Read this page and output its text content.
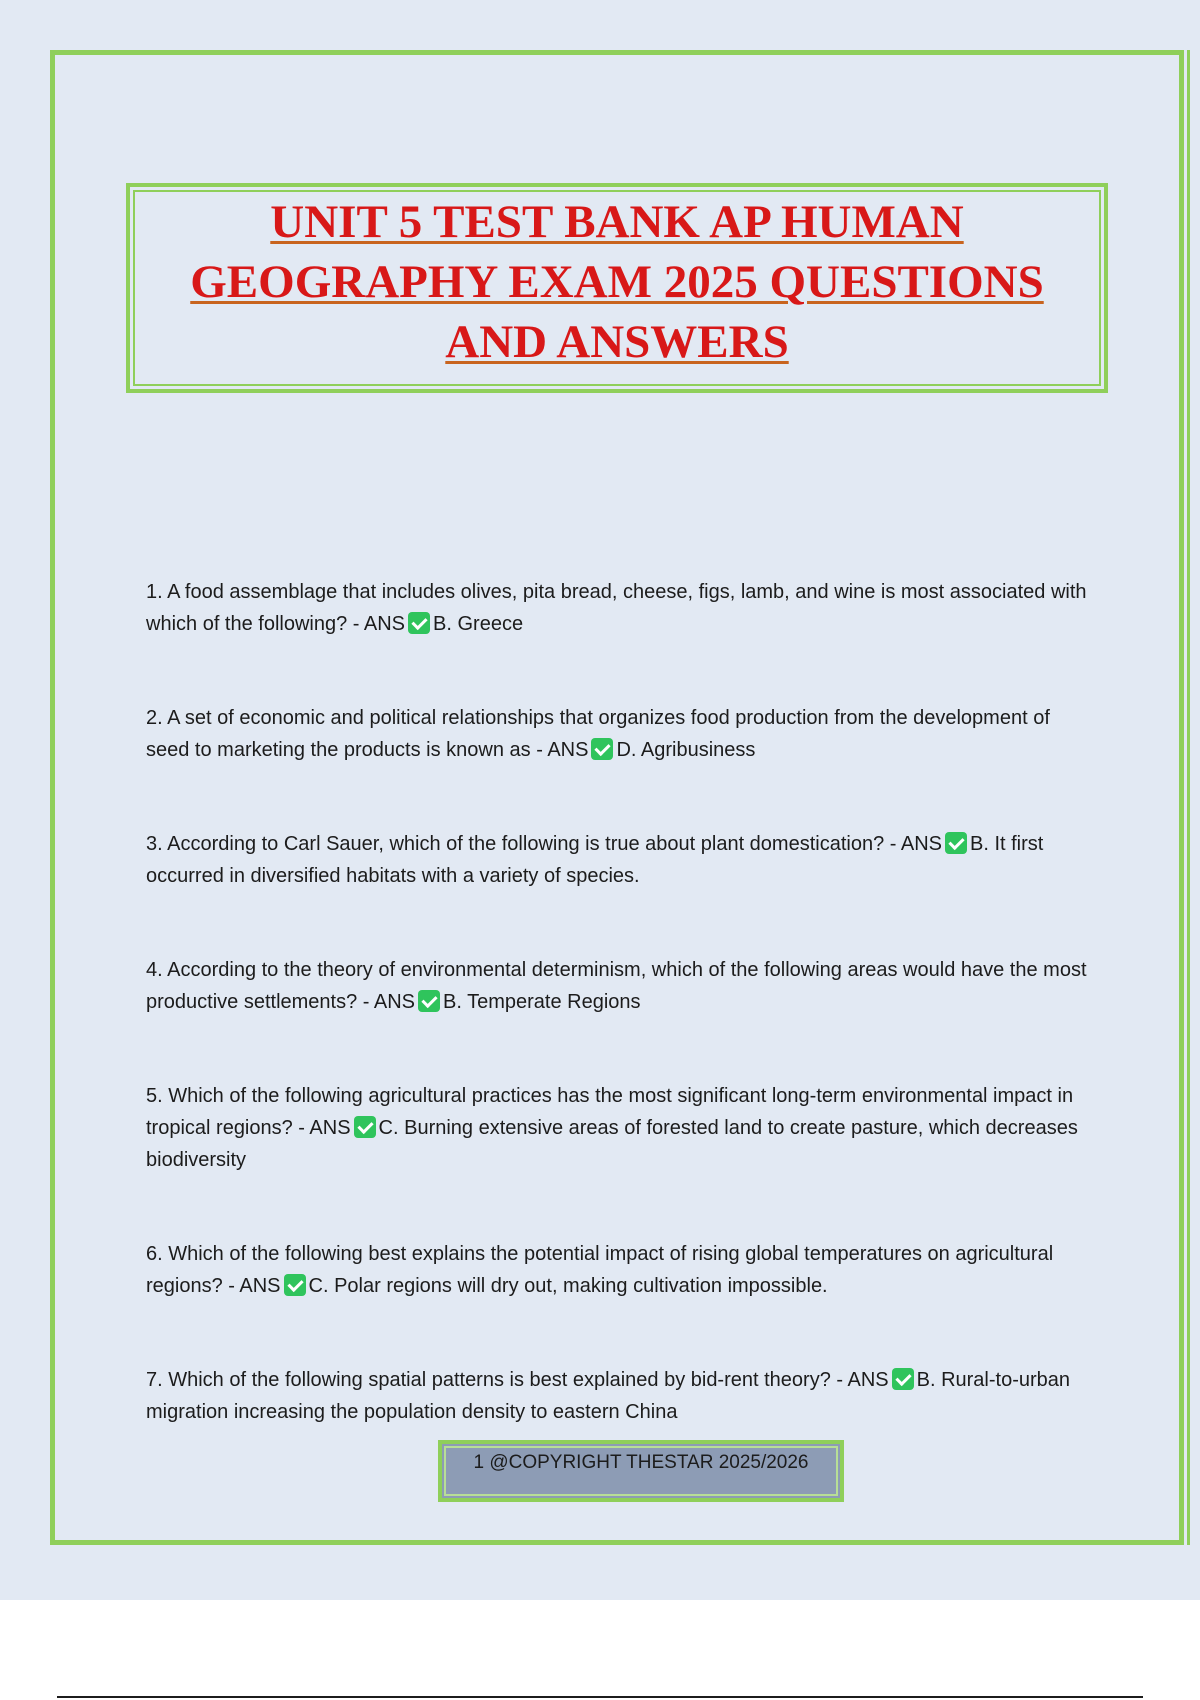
UNIT 5 TEST BANK AP HUMAN
GEOGRAPHY EXAM 2025 QUESTIONS
AND ANSWERS

1. A food assemblage that includes olives, pita bread, cheese, figs, lamb, and wine is most associated with which of the following? - ANS B. Greece

2. A set of economic and political relationships that organizes food production from the development of seed to marketing the products is known as - ANS D. Agribusiness

3. According to Carl Sauer, which of the following is true about plant domestication? - ANS B. It first occurred in diversified habitats with a variety of species.

4. According to the theory of environmental determinism, which of the following areas would have the most productive settlements? - ANS B. Temperate Regions

5. Which of the following agricultural practices has the most significant long-term environmental impact in tropical regions? - ANS C. Burning extensive areas of forested land to create pasture, which decreases biodiversity

6. Which of the following best explains the potential impact of rising global temperatures on agricultural regions? - ANS C. Polar regions will dry out, making cultivation impossible.

7. Which of the following spatial patterns is best explained by bid-rent theory? - ANS B. Rural-to-urban migration increasing the population density to eastern China

1 @COPYRIGHT THESTAR 2025/2026
